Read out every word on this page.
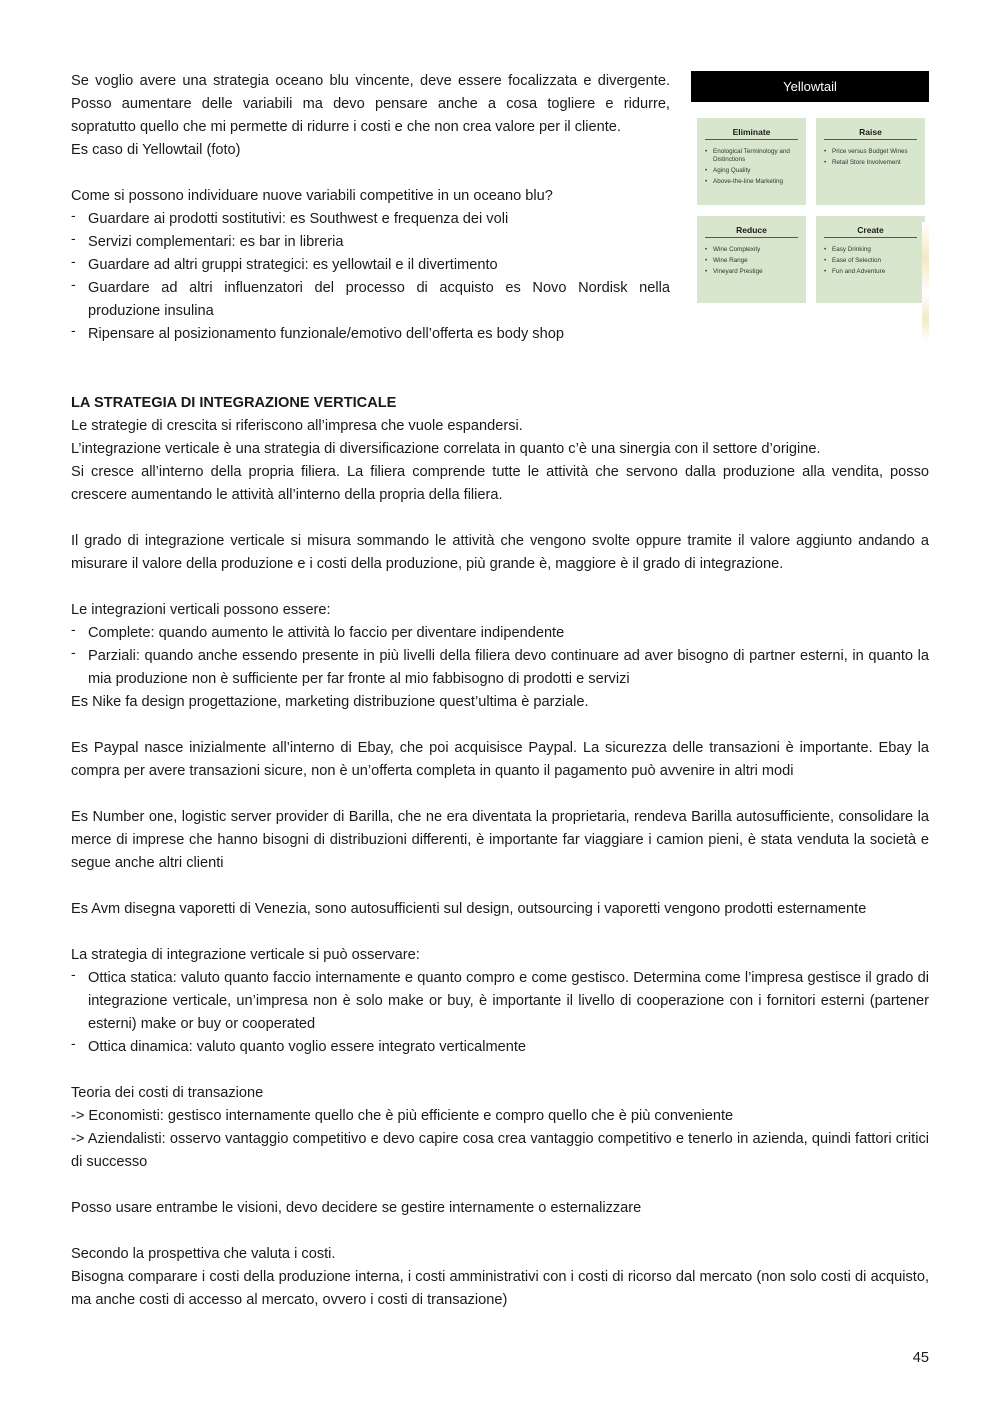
Se voglio avere una strategia oceano blu vincente, deve essere focalizzata e divergente.
Posso aumentare delle variabili ma devo pensare anche a cosa togliere e ridurre,
sopratutto quello che mi permette di ridurre i costi e che non crea valore per il cliente.
Es caso di Yellowtail (foto)
Come si possono individuare nuove variabili competitive in un oceano blu?
- Guardare ai prodotti sostitutivi: es Southwest e frequenza dei voli
- Servizi complementari: es bar in libreria
- Guardare ad altri gruppi strategici: es yellowtail e il divertimento
- Guardare ad altri influenzatori del processo di acquisto es Novo Nordisk nella
produzione insulina
- Ripensare al posizionamento funzionale/emotivo dell’offerta es body shop
Yellowtail
Eliminate
• Enological Terminology and Distinctions
• Aging Quality
• Above-the-line Marketing
Raise
• Price versus Budget Wines
• Retail Store Involvement
Reduce
• Wine Complexity
• Wine Range
• Vineyard Prestige
Create
• Easy Drinking
• Ease of Selection
• Fun and Adventure
LA STRATEGIA DI INTEGRAZIONE VERTICALE
Le strategie di crescita si riferiscono all’impresa che vuole espandersi.
L’integrazione verticale è una strategia di diversificazione correlata in quanto c’è una sinergia con il settore d’origine.
Si cresce all’interno della propria filiera. La filiera comprende tutte le attività che servono dalla produzione alla vendita, posso crescere aumentando le attività all’interno della propria della filiera.

Il grado di integrazione verticale si misura sommando le attività che vengono svolte oppure tramite il valore aggiunto andando a misurare il valore della produzione e i costi della produzione, più grande è, maggiore è il grado di integrazione.

Le integrazioni verticali possono essere:
- Complete: quando aumento le attività lo faccio per diventare indipendente
- Parziali: quando anche essendo presente in più livelli della filiera devo continuare ad aver bisogno di partner esterni, in quanto la mia produzione non è sufficiente per far fronte al mio fabbisogno di prodotti e servizi
Es Nike fa design progettazione, marketing distribuzione quest’ultima è parziale.

Es Paypal nasce inizialmente all’interno di Ebay, che poi acquisisce Paypal. La sicurezza delle transazioni è importante. Ebay la compra per avere transazioni sicure, non è un’offerta completa in quanto il pagamento può avvenire in altri modi

Es Number one, logistic server provider di Barilla, che ne era diventata la proprietaria, rendeva Barilla autosufficiente, consolidare la merce di imprese che hanno bisogni di distribuzioni differenti, è importante far viaggiare i camion pieni, è stata venduta la società e segue anche altri clienti

Es Avm disegna vaporetti di Venezia, sono autosufficienti sul design, outsourcing i vaporetti vengono prodotti esternamente

La strategia di integrazione verticale si può osservare:
- Ottica statica: valuto quanto faccio internamente e quanto compro e come gestisco. Determina come l’impresa gestisce il grado di integrazione verticale, un’impresa non è solo make or buy, è importante il livello di cooperazione con i fornitori esterni (partener esterni) make or buy or cooperated
- Ottica dinamica: valuto quanto voglio essere integrato verticalmente
Teoria dei costi di transazione
-> Economisti: gestisco internamente quello che è più efficiente e compro quello che è più conveniente
-> Aziendalisti: osservo vantaggio competitivo e devo capire cosa crea vantaggio competitivo e tenerlo in azienda, quindi fattori critici di successo

Posso usare entrambe le visioni, devo decidere se gestire internamente o esternalizzare

Secondo la prospettiva che valuta i costi.
Bisogna comparare i costi della produzione interna, i costi amministrativi con i costi di ricorso dal mercato (non solo costi di acquisto, ma anche costi di accesso al mercato, ovvero i costi di transazione)
45
